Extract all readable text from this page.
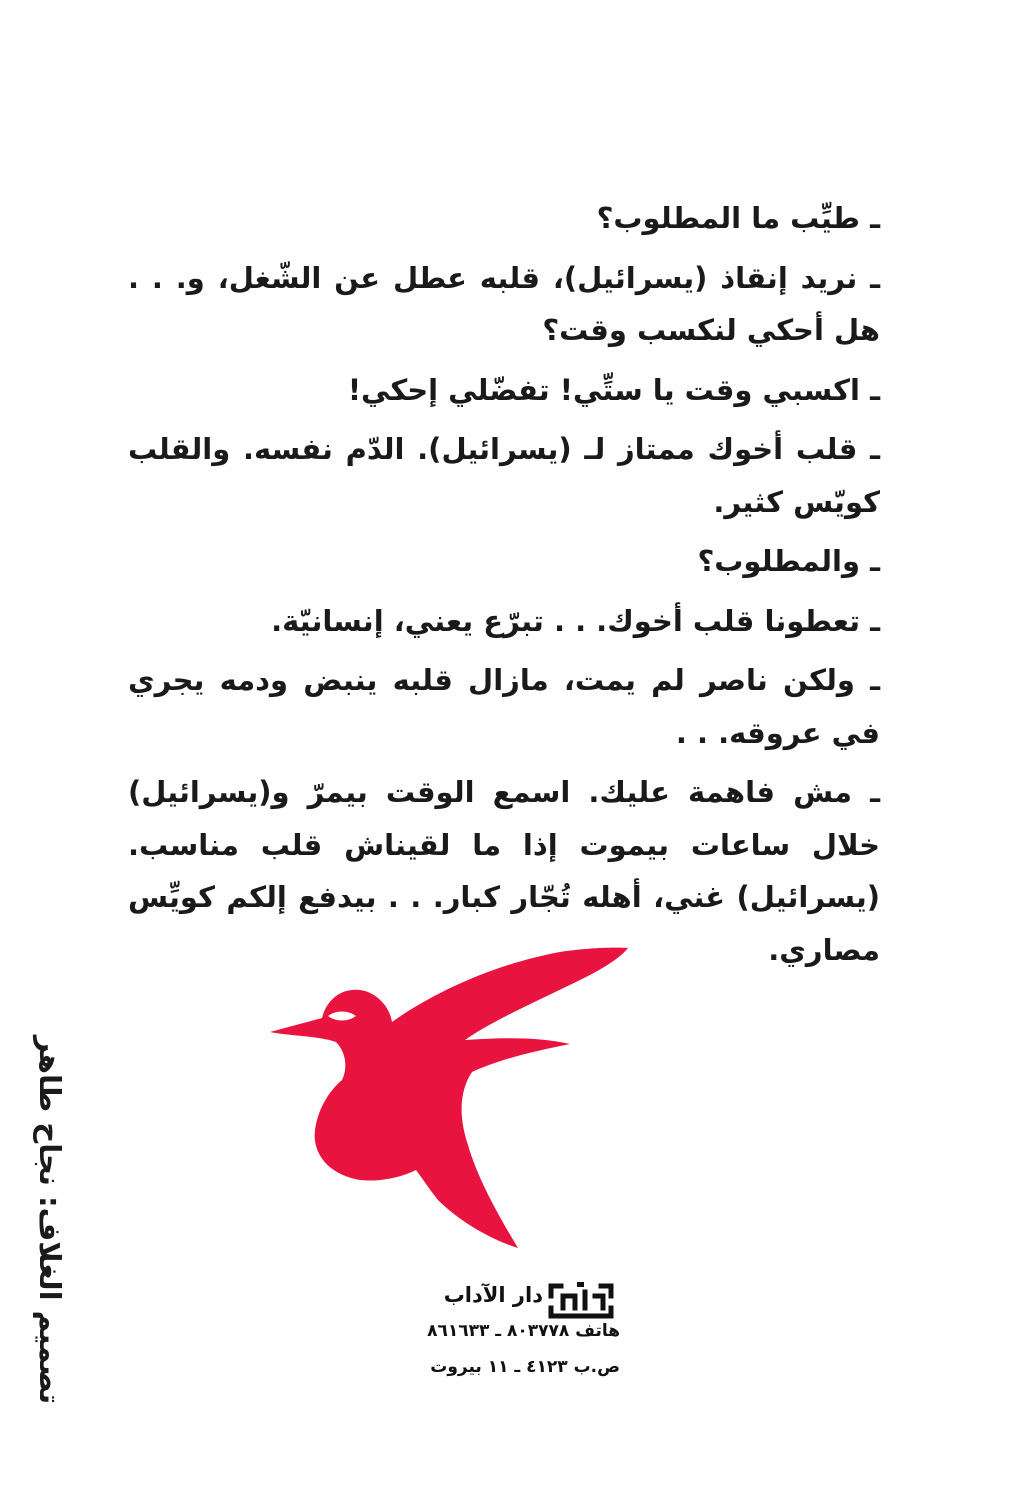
ـ طيِّب ما المطلوب؟

ـ نريد إنقاذ (يسرائيل)، قلبه عطل عن الشّغل، و. . . هل أحكي لنكسب وقت؟

ـ اكسبي وقت يا ستِّي! تفضّلي إحكي!

ـ قلب أخوك ممتاز لـ (يسرائيل). الدّم نفسه. والقلب كويّس كثير.

ـ والمطلوب؟

ـ تعطونا قلب أخوك. . . تبرّع يعني، إنسانيّة.

ـ ولكن ناصر لم يمت، مازال قلبه ينبض ودمه يجري في عروقه. . .

ـ مش فاهمة عليك. اسمع الوقت بيمرّ و(يسرائيل) خلال ساعات بيموت إذا ما لقيناش قلب مناسب. (يسرائيل) غني، أهله تُجّار كبار. . . بيدفع إلكم كويِّس مصاري.

تصميم الغلاف: نجاح طاهر	دار الآداب
هاتف ٨٠٣٧٧٨ ـ ٨٦١٦٣٣
ص.ب ٤١٢٣ ـ ١١ بيروت
